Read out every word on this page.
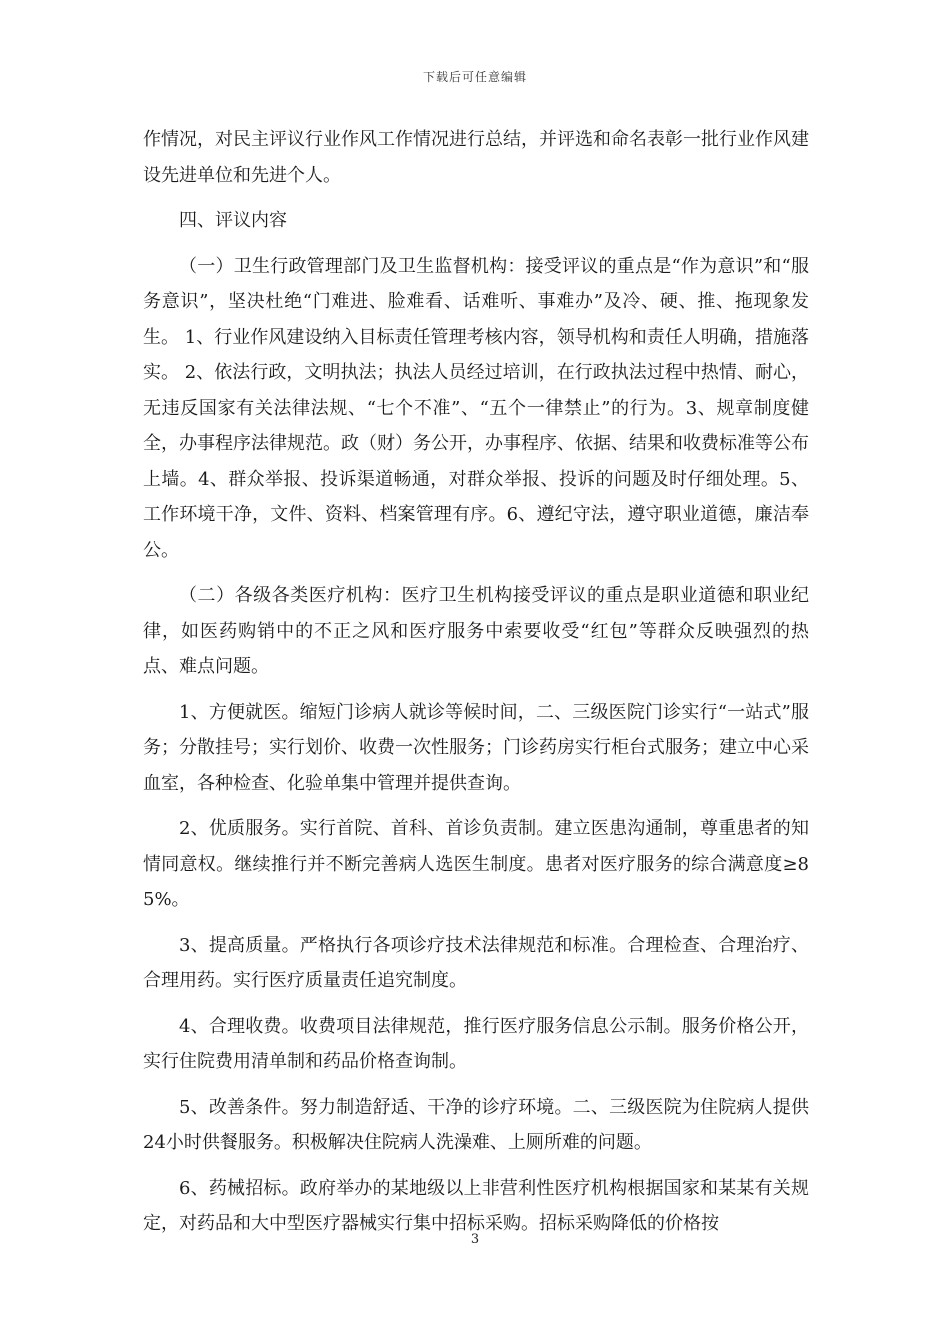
下载后可任意编辑

作情况，对民主评议行业作风工作情况进行总结，并评选和命名表彰一批行业作风建设先进单位和先进个人。

四、评议内容

（一）卫生行政管理部门及卫生监督机构：接受评议的重点是“作为意识”和“服务意识”，坚决杜绝“门难进、脸难看、话难听、事难办”及冷、硬、推、拖现象发生。 1、行业作风建设纳入目标责任管理考核内容，领导机构和责任人明确，措施落实。 2、依法行政，文明执法；执法人员经过培训，在行政执法过程中热情、耐心，无违反国家有关法律法规、“七个不准”、“五个一律禁止”的行为。3、规章制度健全，办事程序法律规范。政（财）务公开，办事程序、依据、结果和收费标准等公布上墙。4、群众举报、投诉渠道畅通，对群众举报、投诉的问题及时仔细处理。5、工作环境干净，文件、资料、档案管理有序。6、遵纪守法，遵守职业道德，廉洁奉公。

（二）各级各类医疗机构：医疗卫生机构接受评议的重点是职业道德和职业纪律，如医药购销中的不正之风和医疗服务中索要收受“红包”等群众反映强烈的热点、难点问题。

1、方便就医。缩短门诊病人就诊等候时间，二、三级医院门诊实行“一站式”服务；分散挂号；实行划价、收费一次性服务；门诊药房实行柜台式服务；建立中心采血室，各种检查、化验单集中管理并提供查询。

2、优质服务。实行首院、首科、首诊负责制。建立医患沟通制，尊重患者的知情同意权。继续推行并不断完善病人选医生制度。患者对医疗服务的综合满意度≥85%。

3、提高质量。严格执行各项诊疗技术法律规范和标准。合理检查、合理治疗、合理用药。实行医疗质量责任追究制度。

4、合理收费。收费项目法律规范，推行医疗服务信息公示制。服务价格公开，实行住院费用清单制和药品价格查询制。

5、改善条件。努力制造舒适、干净的诊疗环境。二、三级医院为住院病人提供24小时供餐服务。积极解决住院病人洗澡难、上厕所难的问题。

6、药械招标。政府举办的某地级以上非营利性医疗机构根据国家和某某有关规定，对药品和大中型医疗器械实行集中招标采购。招标采购降低的价格按

3
